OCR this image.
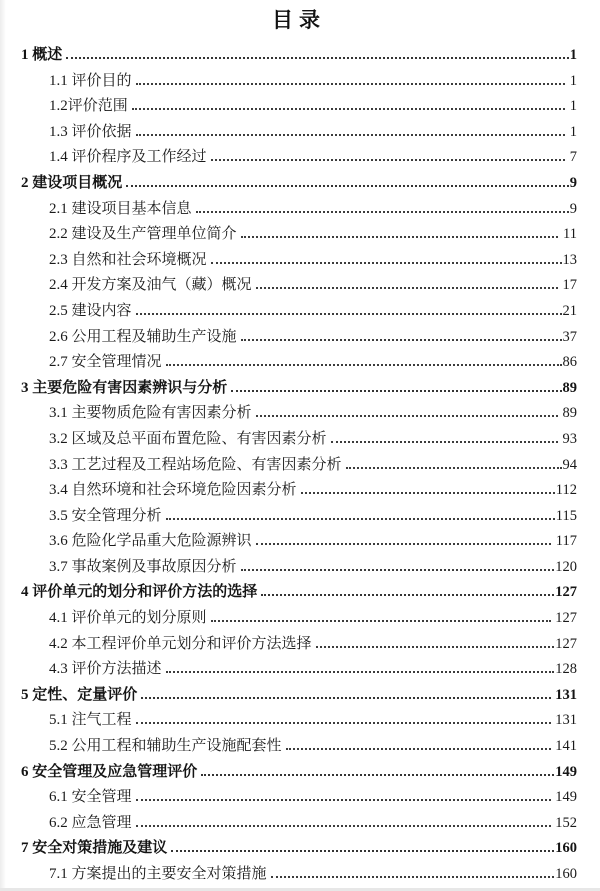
目录
1 概述	1
1.1 评价目的	1
1.2评价范围	1
1.3 评价依据	1
1.4 评价程序及工作经过	7
2 建设项目概况	9
2.1 建设项目基本信息	9
2.2 建设及生产管理单位简介	11
2.3 自然和社会环境概况	13
2.4 开发方案及油气（藏）概况	17
2.5 建设内容	21
2.6 公用工程及辅助生产设施	37
2.7 安全管理情况	86
3 主要危险有害因素辨识与分析	89
3.1 主要物质危险有害因素分析	89
3.2 区域及总平面布置危险、有害因素分析	93
3.3 工艺过程及工程站场危险、有害因素分析	94
3.4 自然环境和社会环境危险因素分析	112
3.5 安全管理分析	115
3.6 危险化学品重大危险源辨识	117
3.7 事故案例及事故原因分析	120
4 评价单元的划分和评价方法的选择	127
4.1 评价单元的划分原则	127
4.2 本工程评价单元划分和评价方法选择	127
4.3 评价方法描述	128
5 定性、定量评价	131
5.1 注气工程	131
5.2 公用工程和辅助生产设施配套性	141
6 安全管理及应急管理评价	149
6.1 安全管理	149
6.2 应急管理	152
7 安全对策措施及建议	160
7.1 方案提出的主要安全对策措施	160
